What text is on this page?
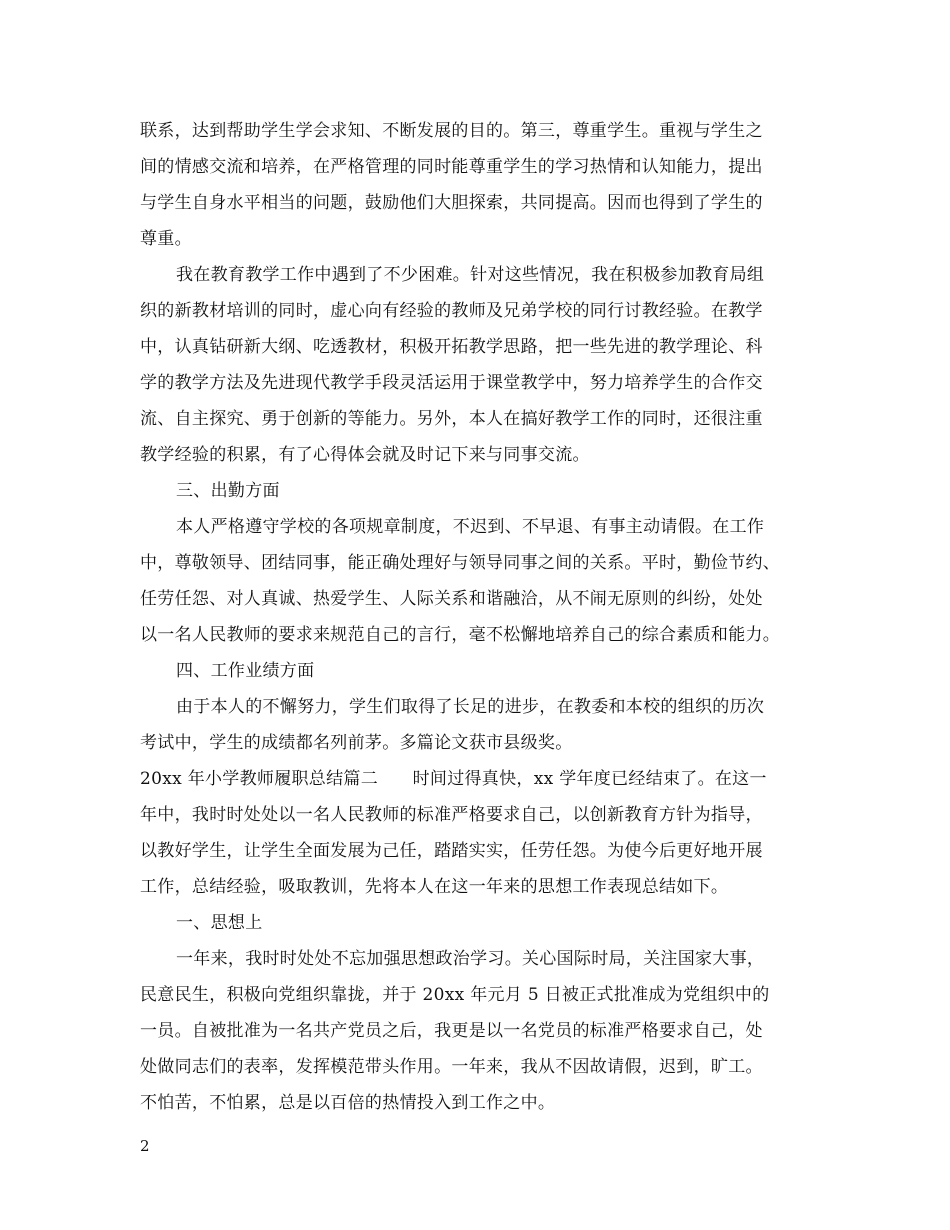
联系，达到帮助学生学会求知、不断发展的目的。第三，尊重学生。重视与学生之
间的情感交流和培养，在严格管理的同时能尊重学生的学习热情和认知能力，提出
与学生自身水平相当的问题，鼓励他们大胆探索，共同提高。因而也得到了学生的
尊重。
我在教育教学工作中遇到了不少困难。针对这些情况，我在积极参加教育局组
织的新教材培训的同时，虚心向有经验的教师及兄弟学校的同行讨教经验。在教学
中，认真钻研新大纲、吃透教材，积极开拓教学思路，把一些先进的教学理论、科
学的教学方法及先进现代教学手段灵活运用于课堂教学中，努力培养学生的合作交
流、自主探究、勇于创新的等能力。另外，本人在搞好教学工作的同时，还很注重
教学经验的积累，有了心得体会就及时记下来与同事交流。
三、出勤方面
本人严格遵守学校的各项规章制度，不迟到、不早退、有事主动请假。在工作
中，尊敬领导、团结同事，能正确处理好与领导同事之间的关系。平时，勤俭节约、
任劳任怨、对人真诚、热爱学生、人际关系和谐融洽，从不闹无原则的纠纷，处处
以一名人民教师的要求来规范自己的言行，毫不松懈地培养自己的综合素质和能力。
四、工作业绩方面
由于本人的不懈努力，学生们取得了长足的进步，在教委和本校的组织的历次
考试中，学生的成绩都名列前茅。多篇论文获市县级奖。
20xx 年小学教师履职总结篇二　　时间过得真快，xx 学年度已经结束了。在这一
年中，我时时处处以一名人民教师的标准严格要求自己，以创新教育方针为指导，
以教好学生，让学生全面发展为己任，踏踏实实，任劳任怨。为使今后更好地开展
工作，总结经验，吸取教训，先将本人在这一年来的思想工作表现总结如下。
一、思想上
一年来，我时时处处不忘加强思想政治学习。关心国际时局，关注国家大事，
民意民生，积极向党组织靠拢，并于 20xx 年元月 5 日被正式批准成为党组织中的
一员。自被批准为一名共产党员之后，我更是以一名党员的标准严格要求自己，处
处做同志们的表率，发挥模范带头作用。一年来，我从不因故请假，迟到，旷工。
不怕苦，不怕累，总是以百倍的热情投入到工作之中。
2
